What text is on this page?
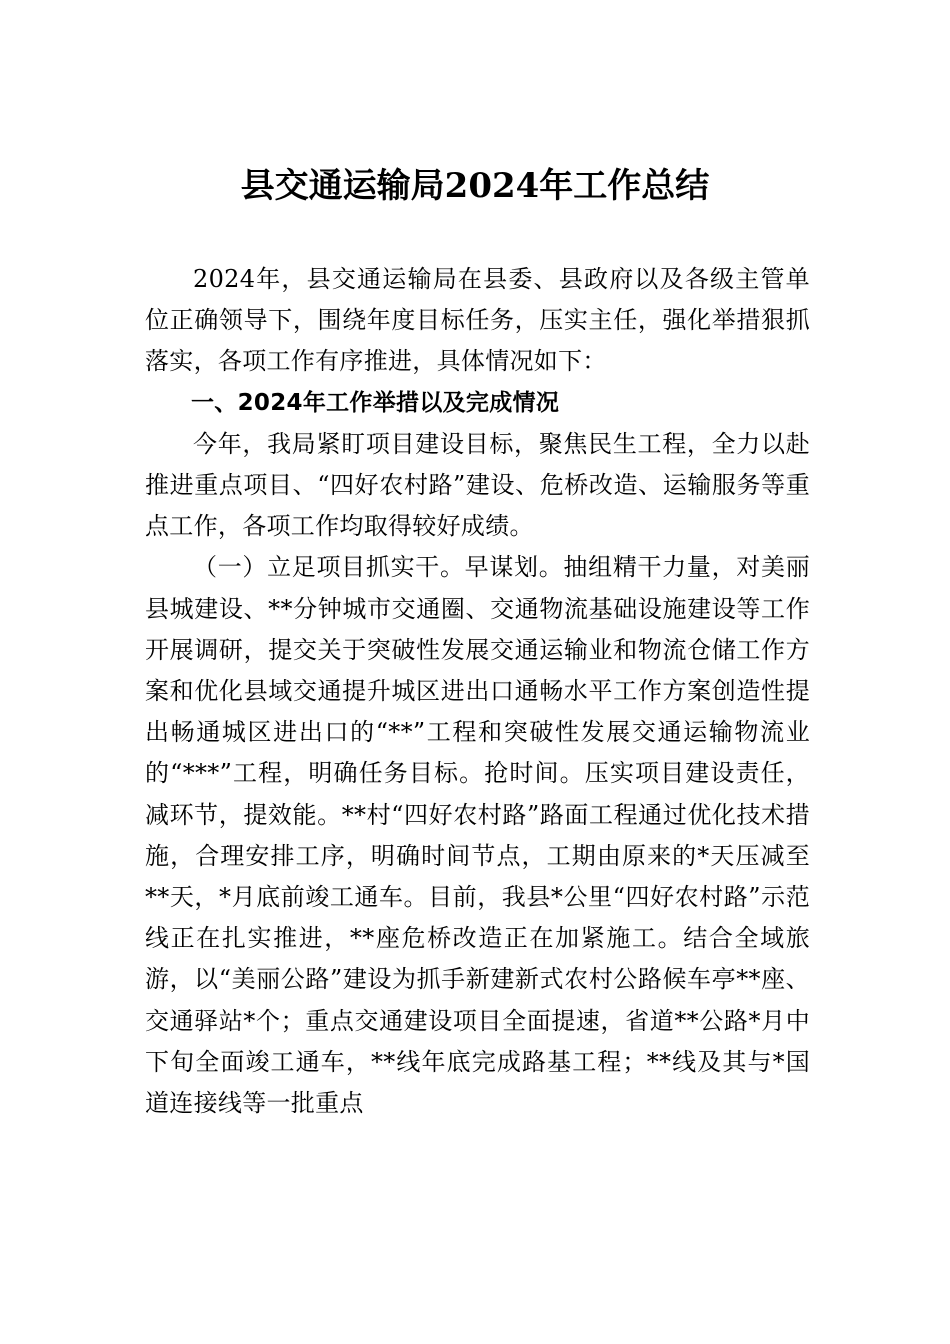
县交通运输局2024年工作总结

2024年，县交通运输局在县委、县政府以及各级主管单位正确领导下，围绕年度目标任务，压实主任，强化举措狠抓落实，各项工作有序推进，具体情况如下：

一、2024年工作举措以及完成情况

今年，我局紧盯项目建设目标，聚焦民生工程，全力以赴推进重点项目、“四好农村路”建设、危桥改造、运输服务等重点工作，各项工作均取得较好成绩。

（一）立足项目抓实干。早谋划。抽组精干力量，对美丽县城建设、**分钟城市交通圈、交通物流基础设施建设等工作开展调研，提交关于突破性发展交通运输业和物流仓储工作方案和优化县域交通提升城区进出口通畅水平工作方案创造性提出畅通城区进出口的“**”工程和突破性发展交通运输物流业的“***”工程，明确任务目标。抢时间。压实项目建设责任，减环节，提效能。**村“四好农村路”路面工程通过优化技术措施，合理安排工序，明确时间节点，工期由原来的*天压减至**天，*月底前竣工通车。目前，我县*公里“四好农村路”示范线正在扎实推进，**座危桥改造正在加紧施工。结合全域旅游，以“美丽公路”建设为抓手新建新式农村公路候车亭**座、交通驿站*个；重点交通建设项目全面提速，省道**公路*月中下旬全面竣工通车，**线年底完成路基工程；**线及其与*国道连接线等一批重点
